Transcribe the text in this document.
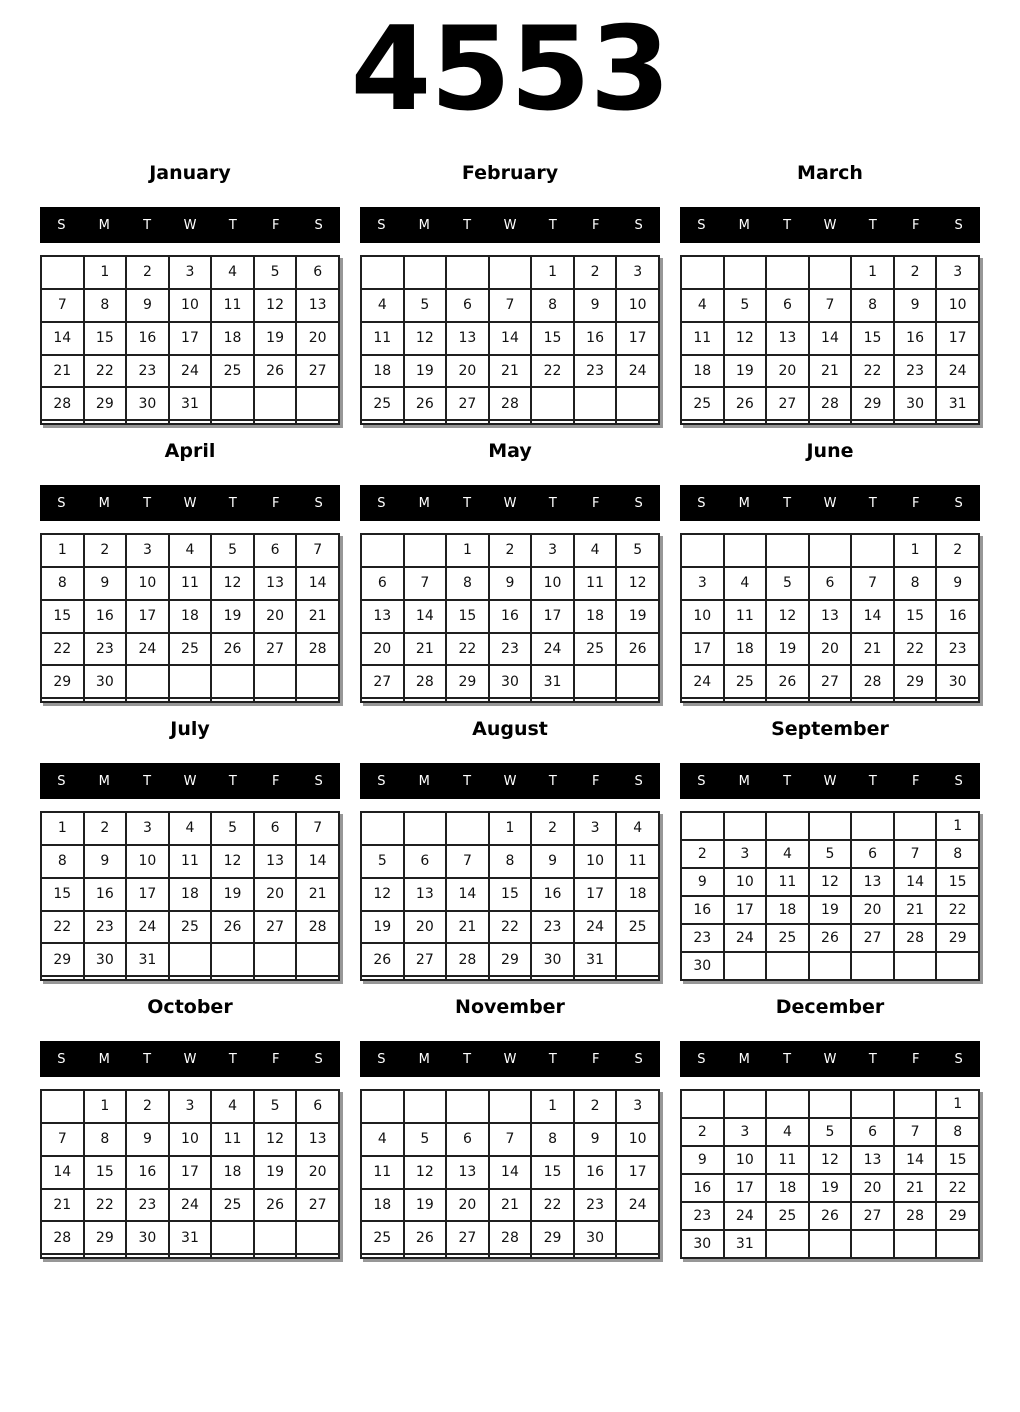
4553
January
S	M	T	W	T	F	S
	1	2	3	4	5	6
7	8	9	10	11	12	13
14	15	16	17	18	19	20
21	22	23	24	25	26	27
28	29	30	31			

February
S	M	T	W	T	F	S
				1	2	3
4	5	6	7	8	9	10
11	12	13	14	15	16	17
18	19	20	21	22	23	24
25	26	27	28			

March
S	M	T	W	T	F	S
				1	2	3
4	5	6	7	8	9	10
11	12	13	14	15	16	17
18	19	20	21	22	23	24
25	26	27	28	29	30	31

April
S	M	T	W	T	F	S
1	2	3	4	5	6	7
8	9	10	11	12	13	14
15	16	17	18	19	20	21
22	23	24	25	26	27	28
29	30					

May
S	M	T	W	T	F	S
		1	2	3	4	5
6	7	8	9	10	11	12
13	14	15	16	17	18	19
20	21	22	23	24	25	26
27	28	29	30	31		

June
S	M	T	W	T	F	S
					1	2
3	4	5	6	7	8	9
10	11	12	13	14	15	16
17	18	19	20	21	22	23
24	25	26	27	28	29	30

July
S	M	T	W	T	F	S
1	2	3	4	5	6	7
8	9	10	11	12	13	14
15	16	17	18	19	20	21
22	23	24	25	26	27	28
29	30	31				

August
S	M	T	W	T	F	S
			1	2	3	4
5	6	7	8	9	10	11
12	13	14	15	16	17	18
19	20	21	22	23	24	25
26	27	28	29	30	31	

September
S	M	T	W	T	F	S
						1
2	3	4	5	6	7	8
9	10	11	12	13	14	15
16	17	18	19	20	21	22
23	24	25	26	27	28	29
30						
October
S	M	T	W	T	F	S
	1	2	3	4	5	6
7	8	9	10	11	12	13
14	15	16	17	18	19	20
21	22	23	24	25	26	27
28	29	30	31			

November
S	M	T	W	T	F	S
				1	2	3
4	5	6	7	8	9	10
11	12	13	14	15	16	17
18	19	20	21	22	23	24
25	26	27	28	29	30	

December
S	M	T	W	T	F	S
						1
2	3	4	5	6	7	8
9	10	11	12	13	14	15
16	17	18	19	20	21	22
23	24	25	26	27	28	29
30	31					
